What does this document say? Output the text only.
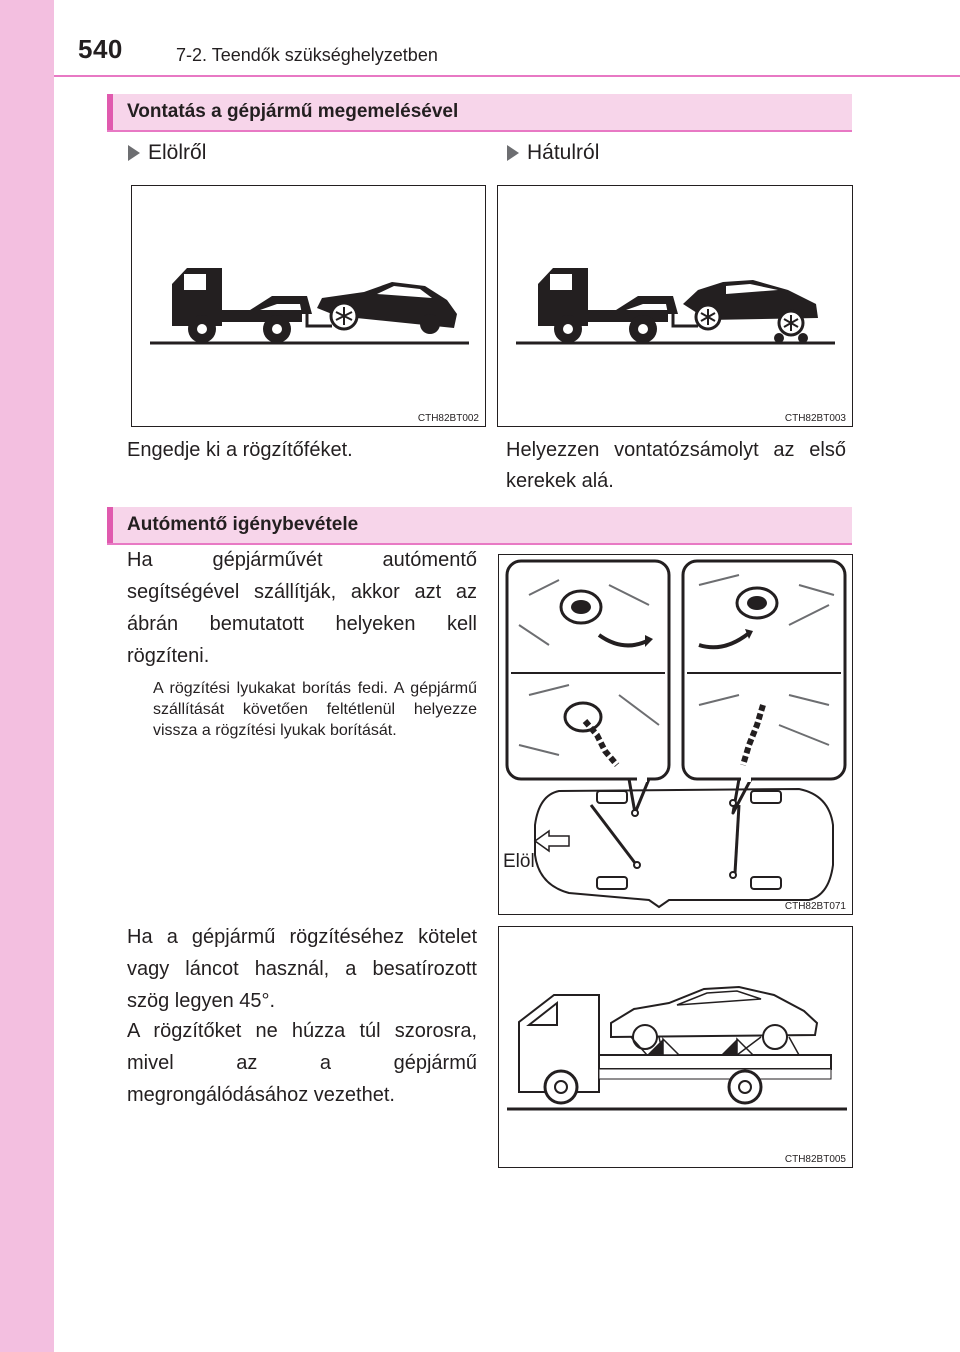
540	7-2. Teendők szükséghelyzetben
Vontatás a gépjármű megemelésével
Elölről	Hátulról
CTH82BT002	CTH82BT003
Engedje ki a rögzítőféket.	Helyezzen vontatózsámolyt az első kerekek alá.
Autómentő igénybevétele
Ha gépjárművét autómentő segítségével szállítják, akkor azt az ábrán bemutatott helyeken kell rögzíteni.
A rögzítési lyukakat borítás fedi. A gépjármű szállítását követően feltétlenül helyezze vissza a rögzítési lyukak borítását.
Elöl
CTH82BT071
Ha a gépjármű rögzítéséhez kötelet vagy láncot használ, a besatírozott szög legyen 45°.
A rögzítőket ne húzza túl szorosra, mivel az a gépjármű megrongálódásához vezethet.
CTH82BT005
